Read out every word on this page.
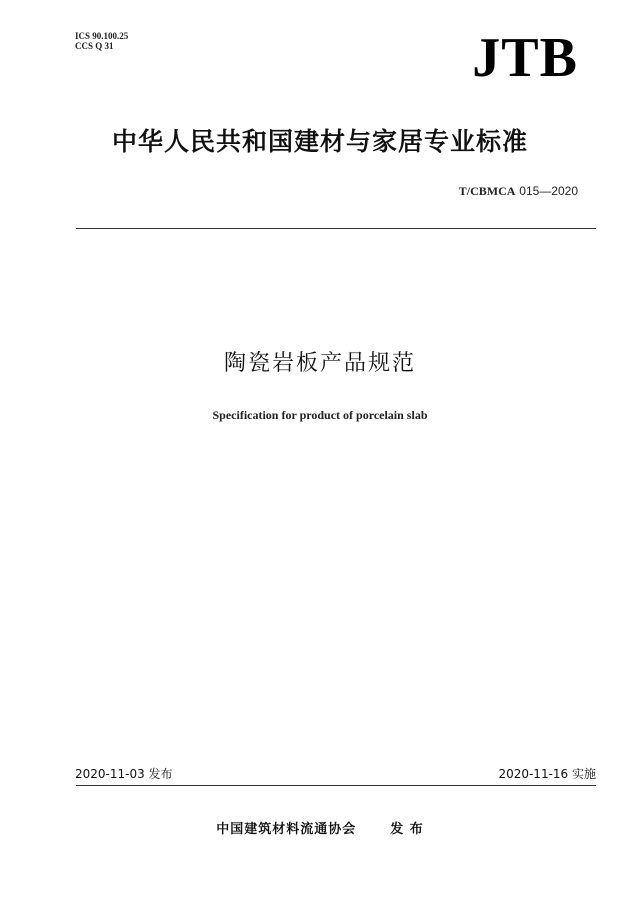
ICS 90.100.25
CCS Q 31	JTB
中华人民共和国建材与家居专业标准
T/CBMCA 015—2020
陶瓷岩板产品规范
Specification for product of porcelain slab
2020-11-03 发布	2020-11-16 实施
中国建筑材料流通协会	发 布
